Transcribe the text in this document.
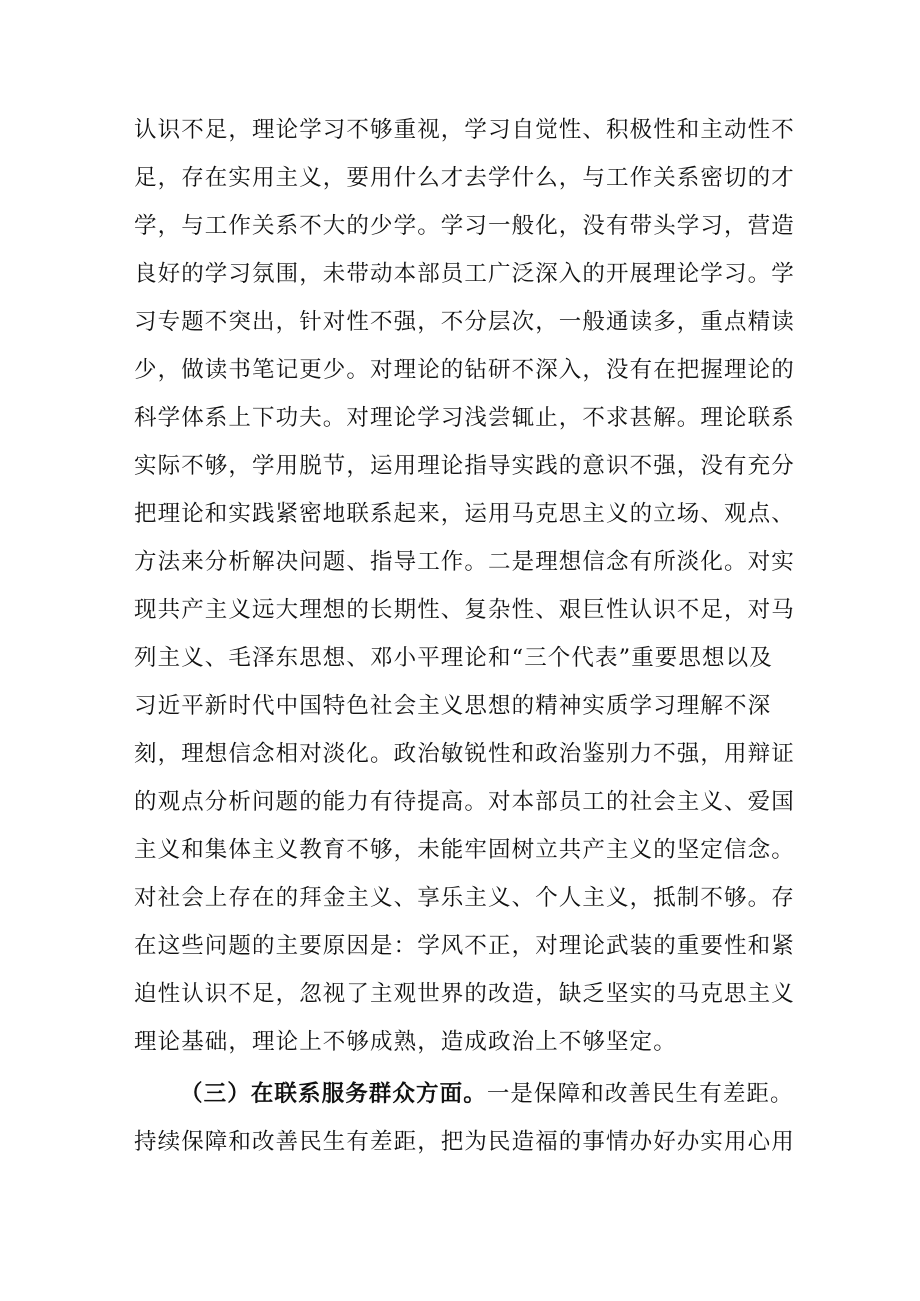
认识不足，理论学习不够重视，学习自觉性、积极性和主动性不
足，存在实用主义，要用什么才去学什么，与工作关系密切的才
学，与工作关系不大的少学。学习一般化，没有带头学习，营造
良好的学习氛围，未带动本部员工广泛深入的开展理论学习。学
习专题不突出，针对性不强，不分层次，一般通读多，重点精读
少，做读书笔记更少。对理论的钻研不深入，没有在把握理论的
科学体系上下功夫。对理论学习浅尝辄止，不求甚解。理论联系
实际不够，学用脱节，运用理论指导实践的意识不强，没有充分
把理论和实践紧密地联系起来，运用马克思主义的立场、观点、
方法来分析解决问题、指导工作。二是理想信念有所淡化。对实
现共产主义远大理想的长期性、复杂性、艰巨性认识不足，对马
列主义、毛泽东思想、邓小平理论和“三个代表”重要思想以及
习近平新时代中国特色社会主义思想的精神实质学习理解不深
刻，理想信念相对淡化。政治敏锐性和政治鉴别力不强，用辩证
的观点分析问题的能力有待提高。对本部员工的社会主义、爱国
主义和集体主义教育不够，未能牢固树立共产主义的坚定信念。
对社会上存在的拜金主义、享乐主义、个人主义，抵制不够。存
在这些问题的主要原因是：学风不正，对理论武装的重要性和紧
迫性认识不足，忽视了主观世界的改造，缺乏坚实的马克思主义
理论基础，理论上不够成熟，造成政治上不够坚定。
（三）在联系服务群众方面。一是保障和改善民生有差距。
持续保障和改善民生有差距，把为民造福的事情办好办实用心用
